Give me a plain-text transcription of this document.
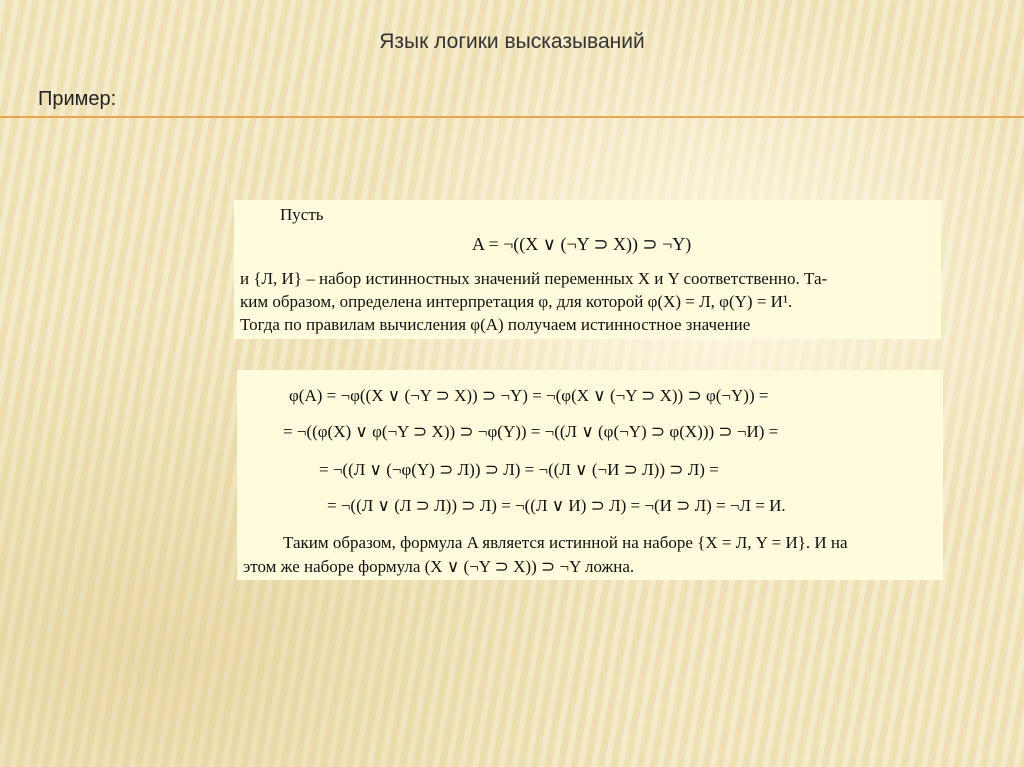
Язык логики высказываний
Пример:
Пусть
A = ¬((X ∨ (¬Y ⊃ X)) ⊃ ¬Y)
и {Л, И} – набор истинностных значений переменных X и Y соответственно. Та-
ким образом, определена интерпретация φ, для которой φ(X) = Л, φ(Y) = И¹.
Тогда по правилам вычисления φ(A) получаем истинностное значение
φ(A) = ¬φ((X ∨ (¬Y ⊃ X)) ⊃ ¬Y) = ¬(φ(X ∨ (¬Y ⊃ X)) ⊃ φ(¬Y)) =
= ¬((φ(X) ∨ φ(¬Y ⊃ X)) ⊃ ¬φ(Y)) = ¬((Л ∨ (φ(¬Y) ⊃ φ(X))) ⊃ ¬И) =
= ¬((Л ∨ (¬φ(Y) ⊃ Л)) ⊃ Л) = ¬((Л ∨ (¬И ⊃ Л)) ⊃ Л) =
= ¬((Л ∨ (Л ⊃ Л)) ⊃ Л) = ¬((Л ∨ И) ⊃ Л) = ¬(И ⊃ Л) = ¬Л = И.
Таким образом, формула A является истинной на наборе {X = Л, Y = И}. И на
этом же наборе формула (X ∨ (¬Y ⊃ X)) ⊃ ¬Y ложна.
